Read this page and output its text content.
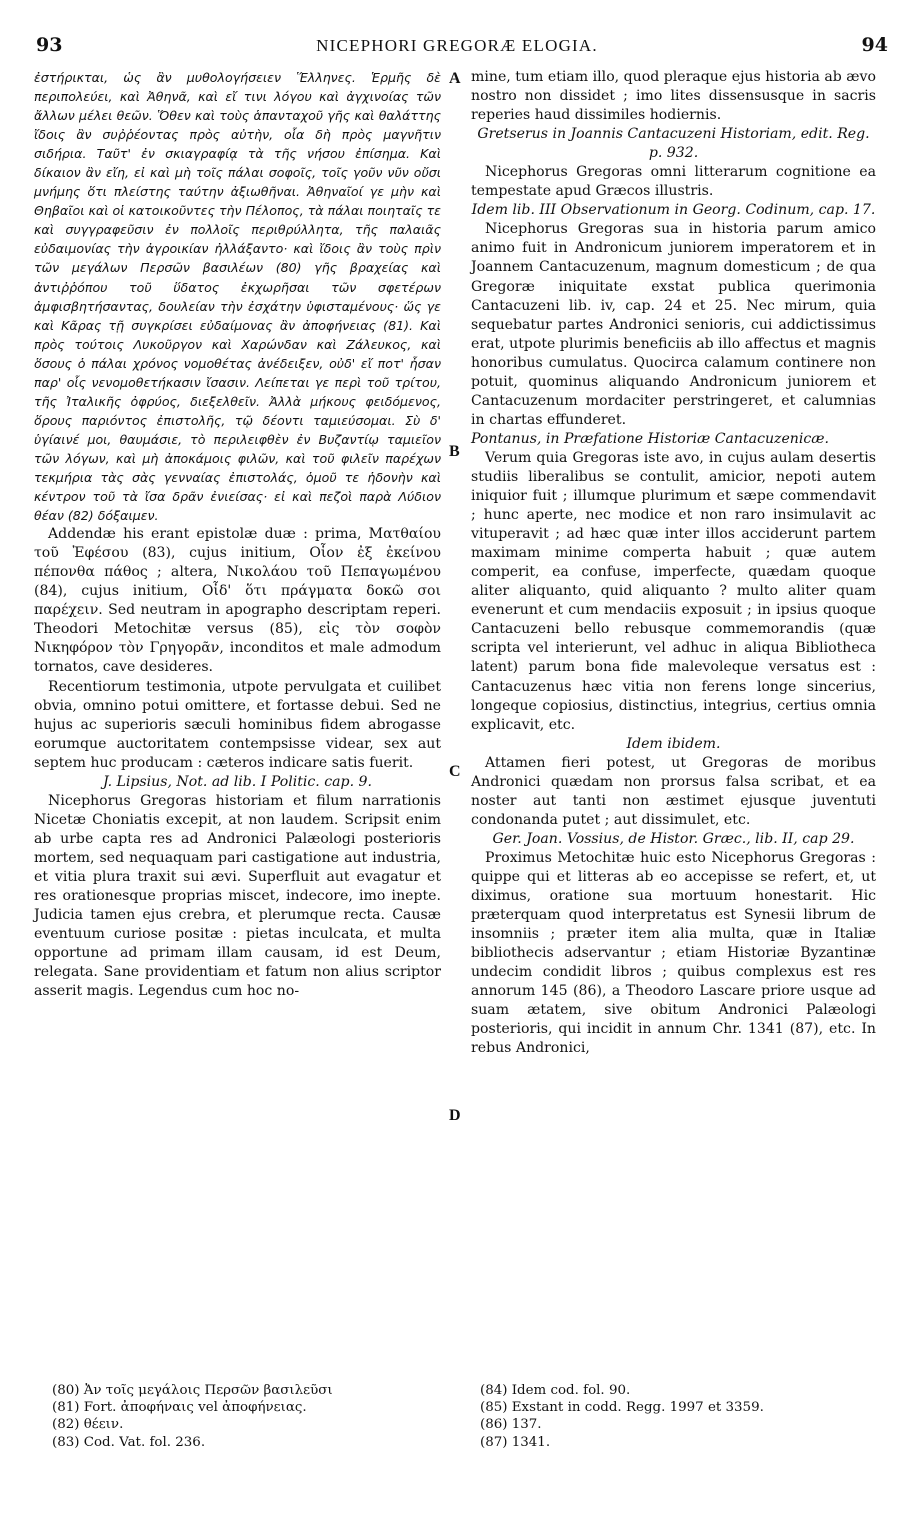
93	NICEPHORI GREGORÆ ELOGIA.	94
A
B
C
D

ἐστήρικται, ὡς ἂν μυθολογήσειεν Ἕλληνες. Ἑρμῆς δὲ περιπολεύει, καὶ Ἀθηνᾶ, καὶ εἴ τινι λόγου καὶ ἀγχινοίας τῶν ἄλλων μέλει θεῶν. Ὅθεν καὶ τοὺς ἁπανταχοῦ γῆς καὶ θαλάττης ἴδοις ἂν συῤῥέοντας πρὸς αὐτὴν, οἷα δὴ πρὸς μαγνῆτιν σιδήρια. Ταῦτ' ἐν σκιαγραφίᾳ τὰ τῆς νήσου ἐπίσημα. Καὶ δίκαιον ἂν εἴη, εἰ καὶ μὴ τοῖς πάλαι σοφοῖς, τοῖς γοῦν νῦν οὔσι μνήμης ὅτι πλείστης ταύτην ἀξιωθῆναι. Ἀθηναῖοί γε μὴν καὶ Θηβαῖοι καὶ οἱ κατοικοῦντες τὴν Πέλοπος, τὰ πάλαι ποιηταῖς τε καὶ συγγραφεῦσιν ἐν πολλοῖς περιθρύλλητα, τῆς παλαιᾶς εὐδαιμονίας τὴν ἀγροικίαν ἠλλάξαντο· καὶ ἴδοις ἂν τοὺς πρὶν τῶν μεγάλων Περσῶν βασιλέων (80) γῆς βραχείας καὶ ἀντιῤῥόπου τοῦ ὕδατος ἐκχωρῆσαι τῶν σφετέρων ἀμφισβητήσαντας, δουλείαν τὴν ἐσχάτην ὑφισταμένους· ὥς γε καὶ Κᾶρας τῇ συγκρίσει εὐδαίμονας ἂν ἀποφήνειας (81). Καὶ πρὸς τούτοις Λυκοῦργον καὶ Χαρώνδαν καὶ Ζάλευκος, καὶ ὅσους ὁ πάλαι χρόνος νομοθέτας ἀνέδειξεν, οὐδ' εἴ ποτ' ἦσαν παρ' οἷς νενομοθετήκασιν ἴσασιν. Λείπεται γε περὶ τοῦ τρίτου, τῆς Ἰταλικῆς ὀφρύος, διεξελθεῖν. Ἀλλὰ μήκους φειδόμενος, ὅρους παριόντος ἐπιστολῆς, τῷ δέοντι ταμιεύσομαι. Σὺ δ' ὑγίαινέ μοι, θαυμάσιε, τὸ περιλειφθὲν ἐν Βυζαντίῳ ταμιεῖον τῶν λόγων, καὶ μὴ ἀποκάμοις φιλῶν, καὶ τοῦ φιλεῖν παρέχων τεκμήρια τὰς σὰς γενναίας ἐπιστολάς, ὁμοῦ τε ἡδονὴν καὶ κέντρον τοῦ τὰ ἴσα δρᾶν ἐνιείσας· εἰ καὶ πεζοὶ παρὰ Λύδιον θέαν (82) δόξαιμεν.

Addendæ his erant epistolæ duæ : prima, Ματθαίου τοῦ Ἐφέσου (83), cujus initium, Οἷον ἐξ ἐκείνου πέπονθα πάθος ; altera, Νικολάου τοῦ Πεπαγωμένου (84), cujus initium, Οἶδ' ὅτι πράγματα δοκῶ σοι παρέχειν. Sed neutram in apographo descriptam reperi. Theodori Metochitæ versus (85), εἰς τὸν σοφὸν Νικηφόρον τὸν Γρηγορᾶν, inconditos et male admodum tornatos, cave desideres.

Recentiorum testimonia, utpote pervulgata et cuilibet obvia, omnino potui omittere, et fortasse debui. Sed ne hujus ac superioris sæculi hominibus fidem abrogasse eorumque auctoritatem contempsisse videar, sex aut septem huc producam : cæteros indicare satis fuerit.

J. Lipsius, Not. ad lib. I Politic. cap. 9.

Nicephorus Gregoras historiam et filum narrationis Nicetæ Choniatis excepit, at non laudem. Scripsit enim ab urbe capta res ad Andronici Palæologi posterioris mortem, sed nequaquam pari castigatione aut industria, et vitia plura traxit sui ævi. Superfluit aut evagatur et res orationesque proprias miscet, indecore, imo inepte. Judicia tamen ejus crebra, et plerumque recta. Causæ eventuum curiose positæ : pietas inculcata, et multa opportune ad primam illam causam, id est Deum, relegata. Sane providentiam et fatum non alius scriptor asserit magis. Legendus cum hoc no-

mine, tum etiam illo, quod pleraque ejus historia ab ævo nostro non dissidet ; imo lites dissensusque in sacris reperies haud dissimiles hodiernis.

Gretserus in Joannis Cantacuzeni Historiam, edit. Reg. p. 932.

Nicephorus Gregoras omni litterarum cognitione ea tempestate apud Græcos illustris.

Idem lib. III Observationum in Georg. Codinum, cap. 17.

Nicephorus Gregoras sua in historia parum amico animo fuit in Andronicum juniorem imperatorem et in Joannem Cantacuzenum, magnum domesticum ; de qua Gregoræ iniquitate exstat publica querimonia Cantacuzeni lib. iv, cap. 24 et 25. Nec mirum, quia sequebatur partes Andronici senioris, cui addictissimus erat, utpote plurimis beneficiis ab illo affectus et magnis honoribus cumulatus. Quocirca calamum continere non potuit, quominus aliquando Andronicum juniorem et Cantacuzenum mordaciter perstringeret, et calumnias in chartas effunderet.

Pontanus, in Præfatione Historiæ Cantacuzenicæ.

Verum quia Gregoras iste avo, in cujus aulam desertis studiis liberalibus se contulit, amicior, nepoti autem iniquior fuit ; illumque plurimum et sæpe commendavit ; hunc aperte, nec modice et non raro insimulavit ac vituperavit ; ad hæc quæ inter illos acciderunt partem maximam minime comperta habuit ; quæ autem comperit, ea confuse, imperfecte, quædam quoque aliter aliquanto, quid aliquanto ? multo aliter quam evenerunt et cum mendaciis exposuit ; in ipsius quoque Cantacuzeni bello rebusque commemorandis (quæ scripta vel interierunt, vel adhuc in aliqua Bibliotheca latent) parum bona fide malevoleque versatus est : Cantacuzenus hæc vitia non ferens longe sincerius, longeque copiosius, distinctius, integrius, certius omnia explicavit, etc.

Idem ibidem.

Attamen fieri potest, ut Gregoras de moribus Andronici quædam non prorsus falsa scribat, et ea noster aut tanti non æstimet ejusque juventuti condonanda putet ; aut dissimulet, etc.

Ger. Joan. Vossius, de Histor. Græc., lib. II, cap 29.

Proximus Metochitæ huic esto Nicephorus Gregoras : quippe qui et litteras ab eo accepisse se refert, et, ut diximus, oratione sua mortuum honestarit. Hic præterquam quod interpretatus est Synesii librum de insomniis ; præter item alia multa, quæ in Italiæ bibliothecis adservantur ; etiam Historiæ Byzantinæ undecim condidit libros ; quibus complexus est res annorum 145 (86), a Theodoro Lascare priore usque ad suam ætatem, sive obitum Andronici Palæologi posterioris, qui incidit in annum Chr. 1341 (87), etc. In rebus Andronici,

(80) Ἀν τοῖς μεγάλοις Περσῶν βασιλεῦσι
(81) Fort. ἀποφήναις vel ἀποφήνειας.
(82) θέειν.
(83) Cod. Vat. fol. 236.
(84) Idem cod. fol. 90.
(85) Exstant in codd. Regg. 1997 et 3359.
(86) 137.
(87) 1341.
